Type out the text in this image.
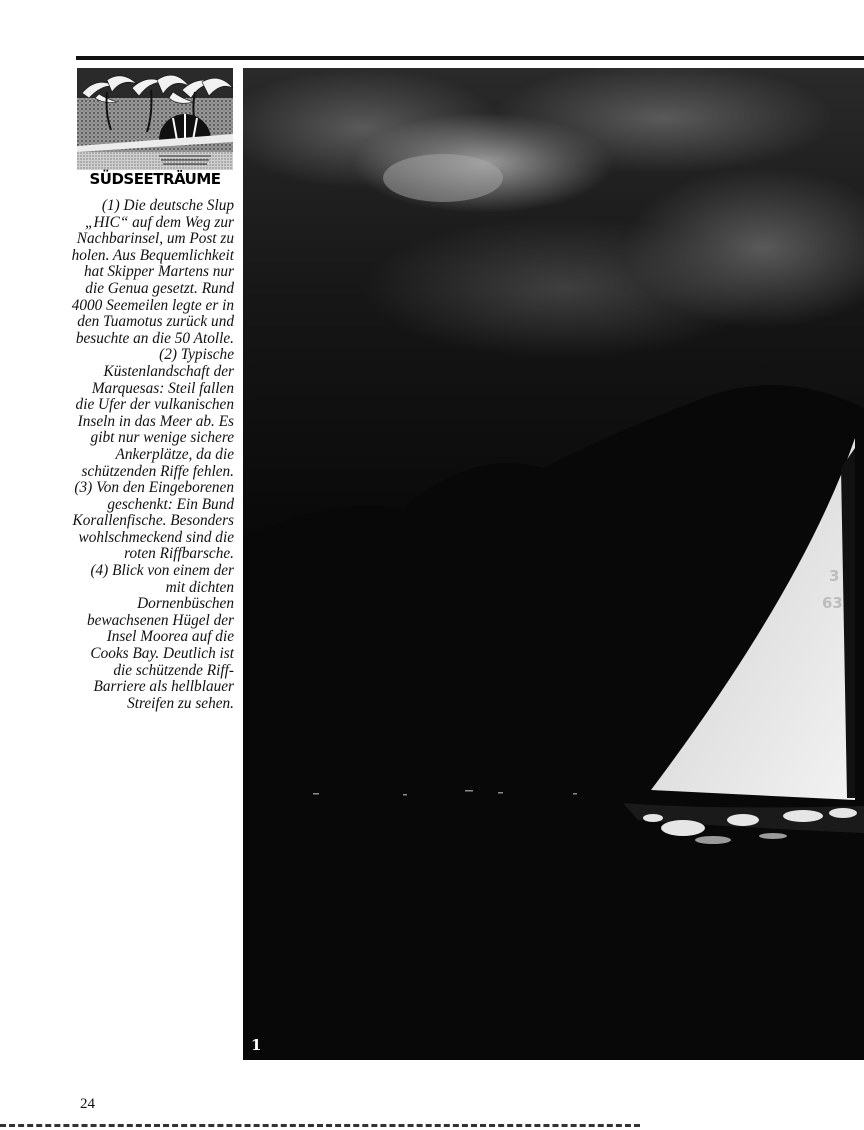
SÜDSEETRÄUME

(1) Die deutsche Slup „HIC“ auf dem Weg zur Nachbarinsel, um Post zu holen. Aus Bequemlichkeit hat Skipper Martens nur die Genua gesetzt. Rund 4000 Seemeilen legte er in den Tuamotus zurück und besuchte an die 50 Atolle.

(2) Typische Küstenlandschaft der Marquesas: Steil fallen die Ufer der vulkanischen Inseln in das Meer ab. Es gibt nur wenige sichere Ankerplätze, da die schützenden Riffe fehlen.

(3) Von den Eingeborenen geschenkt: Ein Bund Korallenfische. Besonders wohlschmeckend sind die roten Riffbarsche.

(4) Blick von einem der mit dichten Dornenbüschen bewachsenen Hügel der Insel Moorea auf die Cooks Bay. Deutlich ist die schützende Riff-Barriere als hellblauer Streifen zu sehen.

3
63
1
24
